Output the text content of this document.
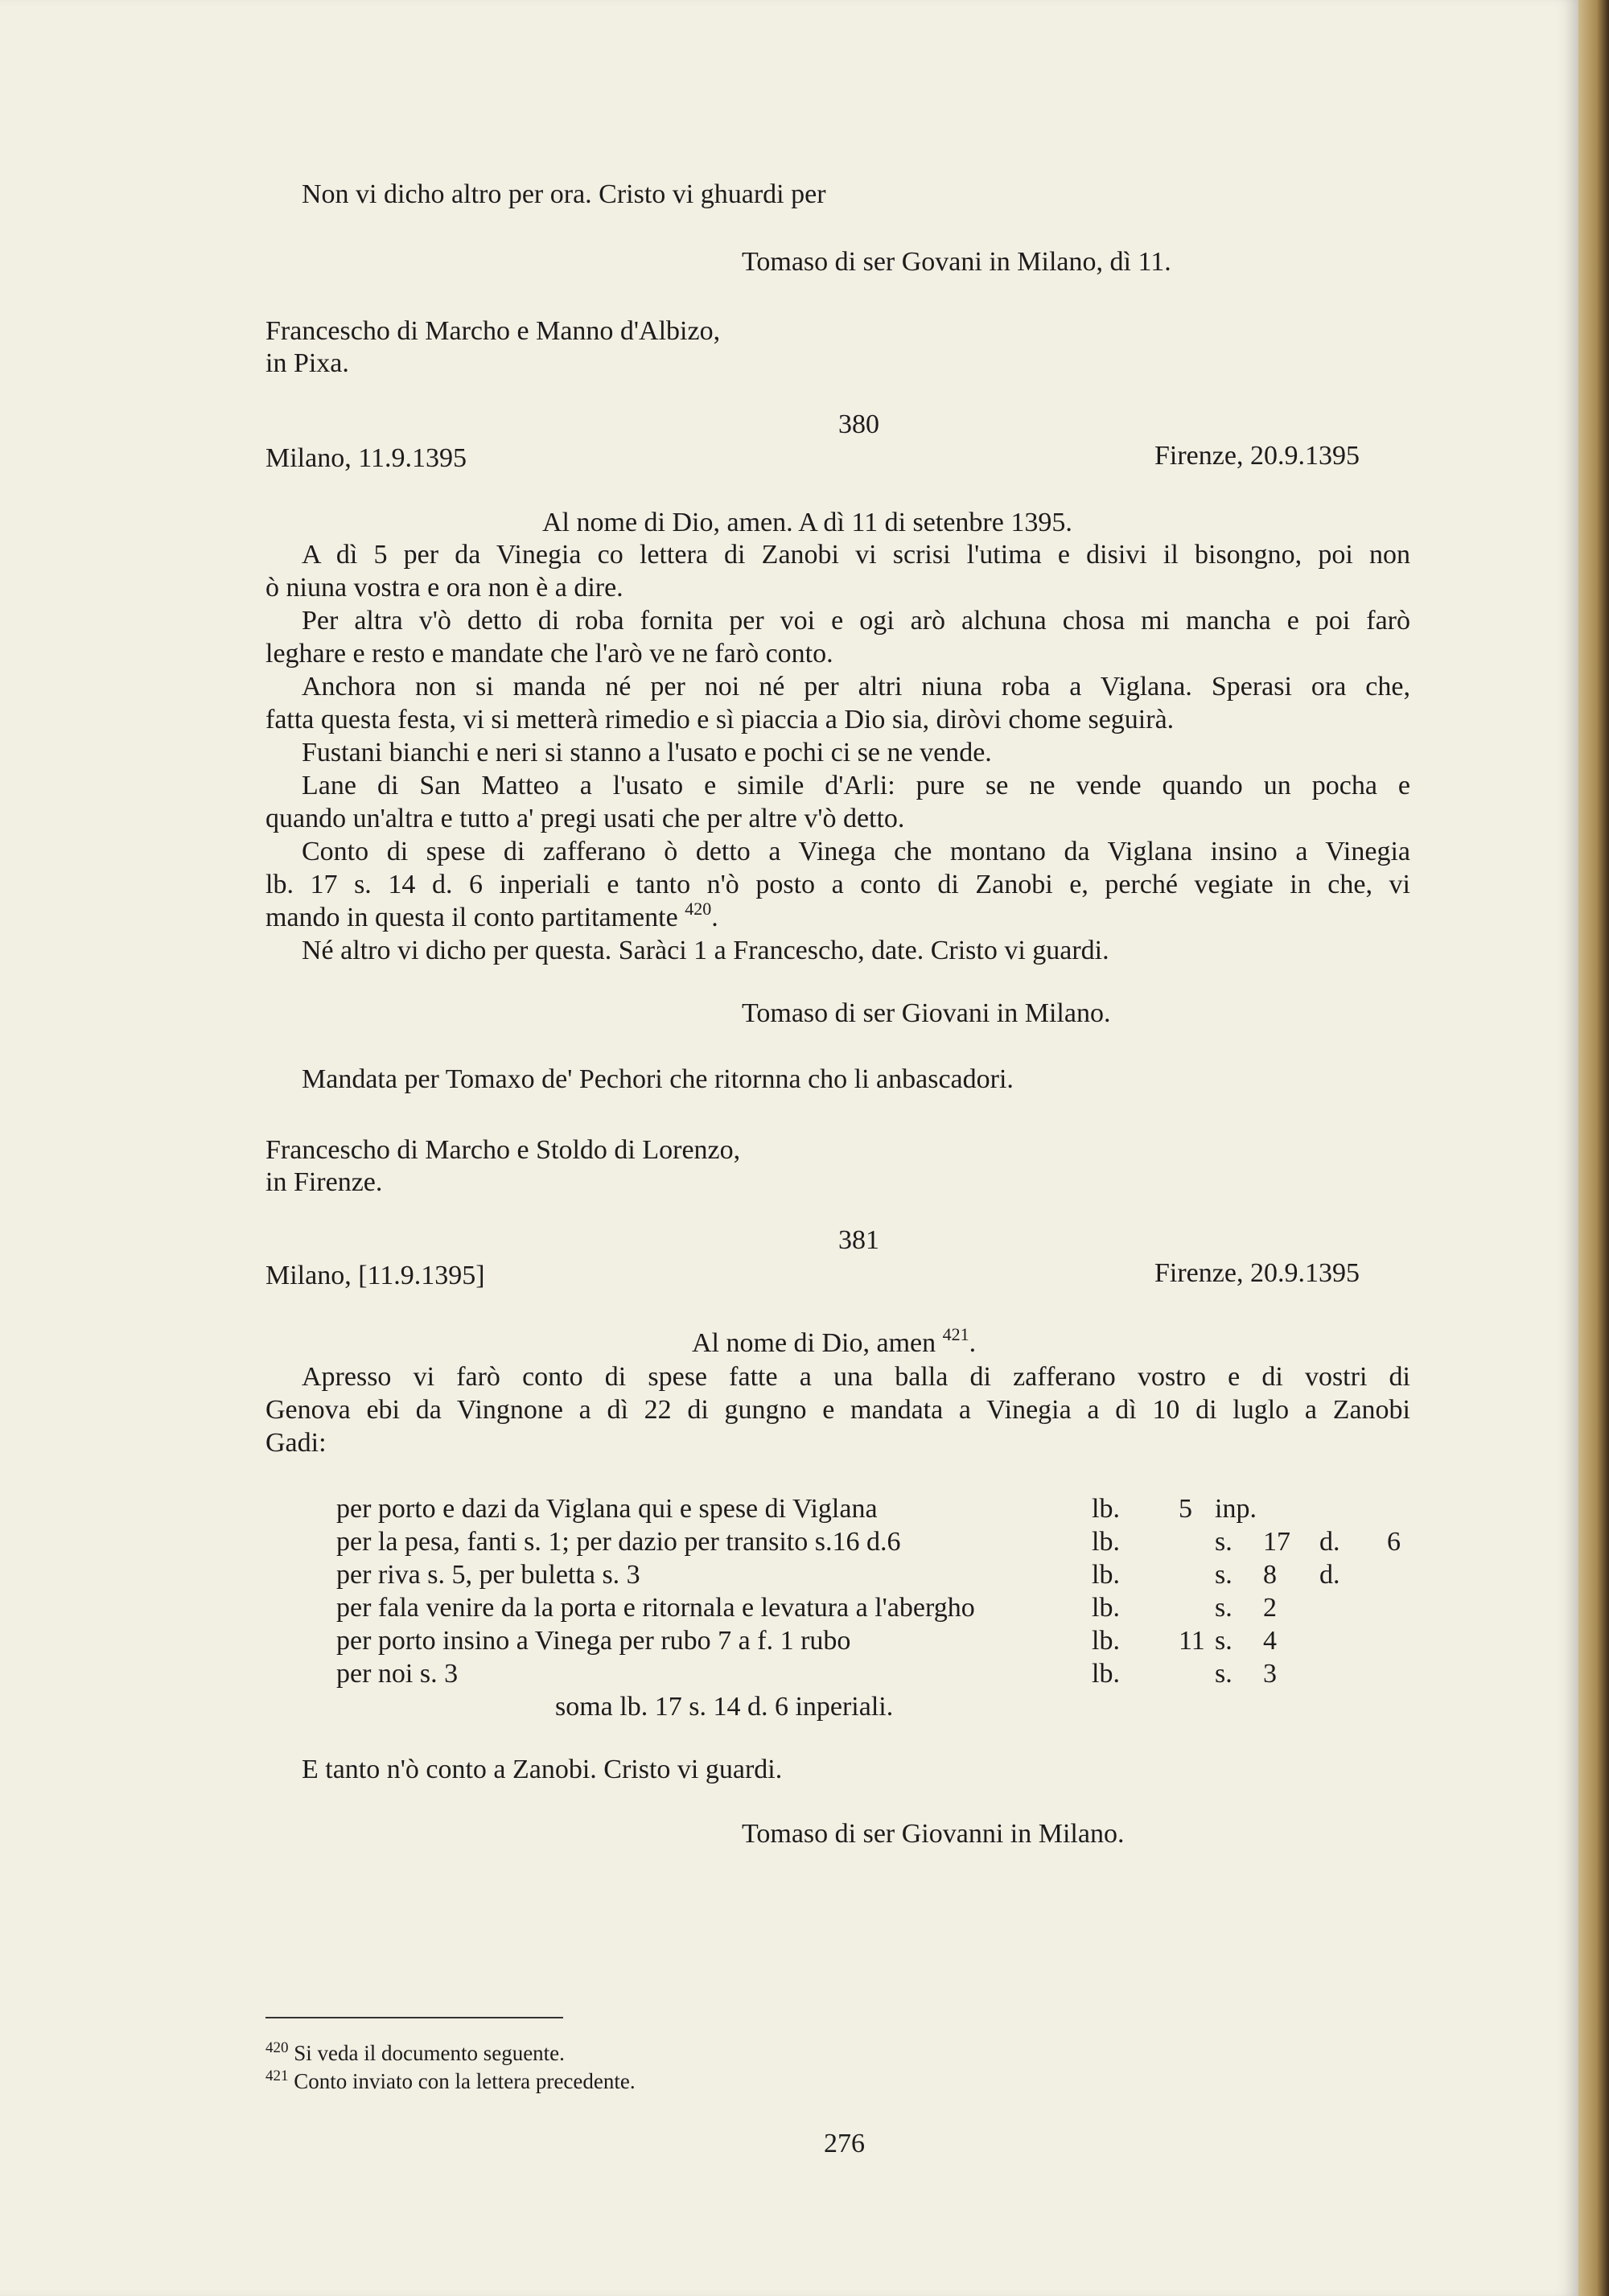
Non vi dicho altro per ora. Cristo vi ghuardi per
Tomaso di ser Govani in Milano, dì 11.
Francescho di Marcho e Manno d'Albizo,
in Pixa.
380
Milano, 11.9.1395	Firenze, 20.9.1395
Al nome di Dio, amen. A dì 11 di setenbre 1395.
A dì 5 per da Vinegia co lettera di Zanobi vi scrisi l'utima e disivi il bisongno, poi non
ò niuna vostra e ora non è a dire.
Per altra v'ò detto di roba fornita per voi e ogi arò alchuna chosa mi mancha e poi farò
leghare e resto e mandate che l'arò ve ne farò conto.
Anchora non si manda né per noi né per altri niuna roba a Viglana. Sperasi ora che,
fatta questa festa, vi si metterà rimedio e sì piaccia a Dio sia, diròvi chome seguirà.
Fustani bianchi e neri si stanno a l'usato e pochi ci se ne vende.
Lane di San Matteo a l'usato e simile d'Arli: pure se ne vende quando un pocha e
quando un'altra e tutto a' pregi usati che per altre v'ò detto.
Conto di spese di zafferano ò detto a Vinega che montano da Viglana insino a Vinegia
lb. 17 s. 14 d. 6 inperiali e tanto n'ò posto a conto di Zanobi e, perché vegiate in che, vi
mando in questa il conto partitamente $^{420}$.
Né altro vi dicho per questa. Saràci 1 a Francescho, date. Cristo vi guardi.
Tomaso di ser Giovani in Milano.
Mandata per Tomaxo de' Pechori che ritornna cho li anbascadori.
Francescho di Marcho e Stoldo di Lorenzo,
in Firenze.
381
Milano, [11.9.1395]	Firenze, 20.9.1395
Al nome di Dio, amen $^{421}$.
Apresso vi farò conto di spese fatte a una balla di zafferano vostro e di vostri di
Genova ebi da Vingnone a dì 22 di gungno e mandata a Vinegia a dì 10 di luglo a Zanobi
Gadi:
per porto e dazi da Viglana qui e spese di Viglana	lb. 5 inp.
per la pesa, fanti s. 1; per dazio per transito s.16 d.6	lb.	s. 17 d. 6
per riva s. 5, per buletta s. 3	lb.	s. 8 d.
per fala venire da la porta e ritornala e levatura a l'abergho	lb.	s. 2
per porto insino a Vinega per rubo 7 a f. 1 rubo	lb. 11 s. 4
per noi s. 3	lb.	s. 3
soma lb. 17 s. 14 d. 6 inperiali.
E tanto n'ò conto a Zanobi. Cristo vi guardi.
Tomaso di ser Giovanni in Milano.
$^{420}$ Si veda il documento seguente.
$^{421}$ Conto inviato con la lettera precedente.
276
